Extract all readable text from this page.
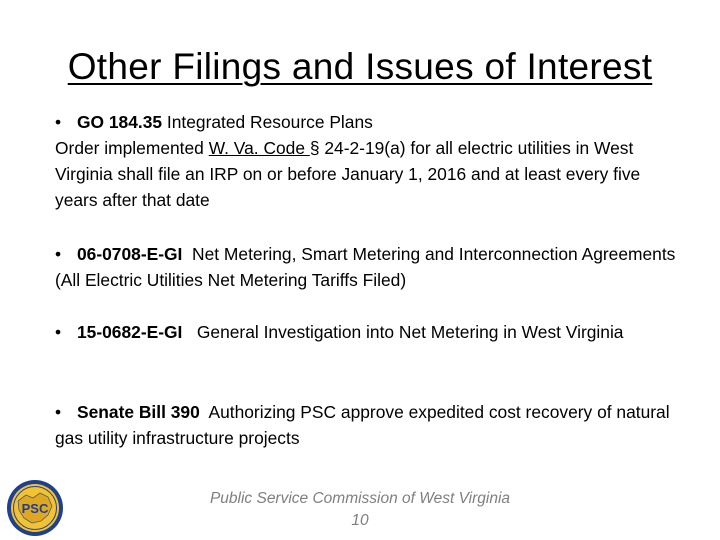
Other Filings and Issues of Interest
• GO 184.35 Integrated Resource Plans
Order implemented W. Va. Code § 24-2-19(a) for all electric utilities in West Virginia shall file an IRP on or before January 1, 2016 and at least every five years after that date
• 06-0708-E-GI  Net Metering, Smart Metering and Interconnection Agreements (All Electric Utilities Net Metering Tariffs Filed)
• 15-0682-E-GI   General Investigation into Net Metering in West Virginia
• Senate Bill 390  Authorizing PSC approve expedited cost recovery of natural gas utility infrastructure projects
PSC
Public Service Commission of West Virginia
10
